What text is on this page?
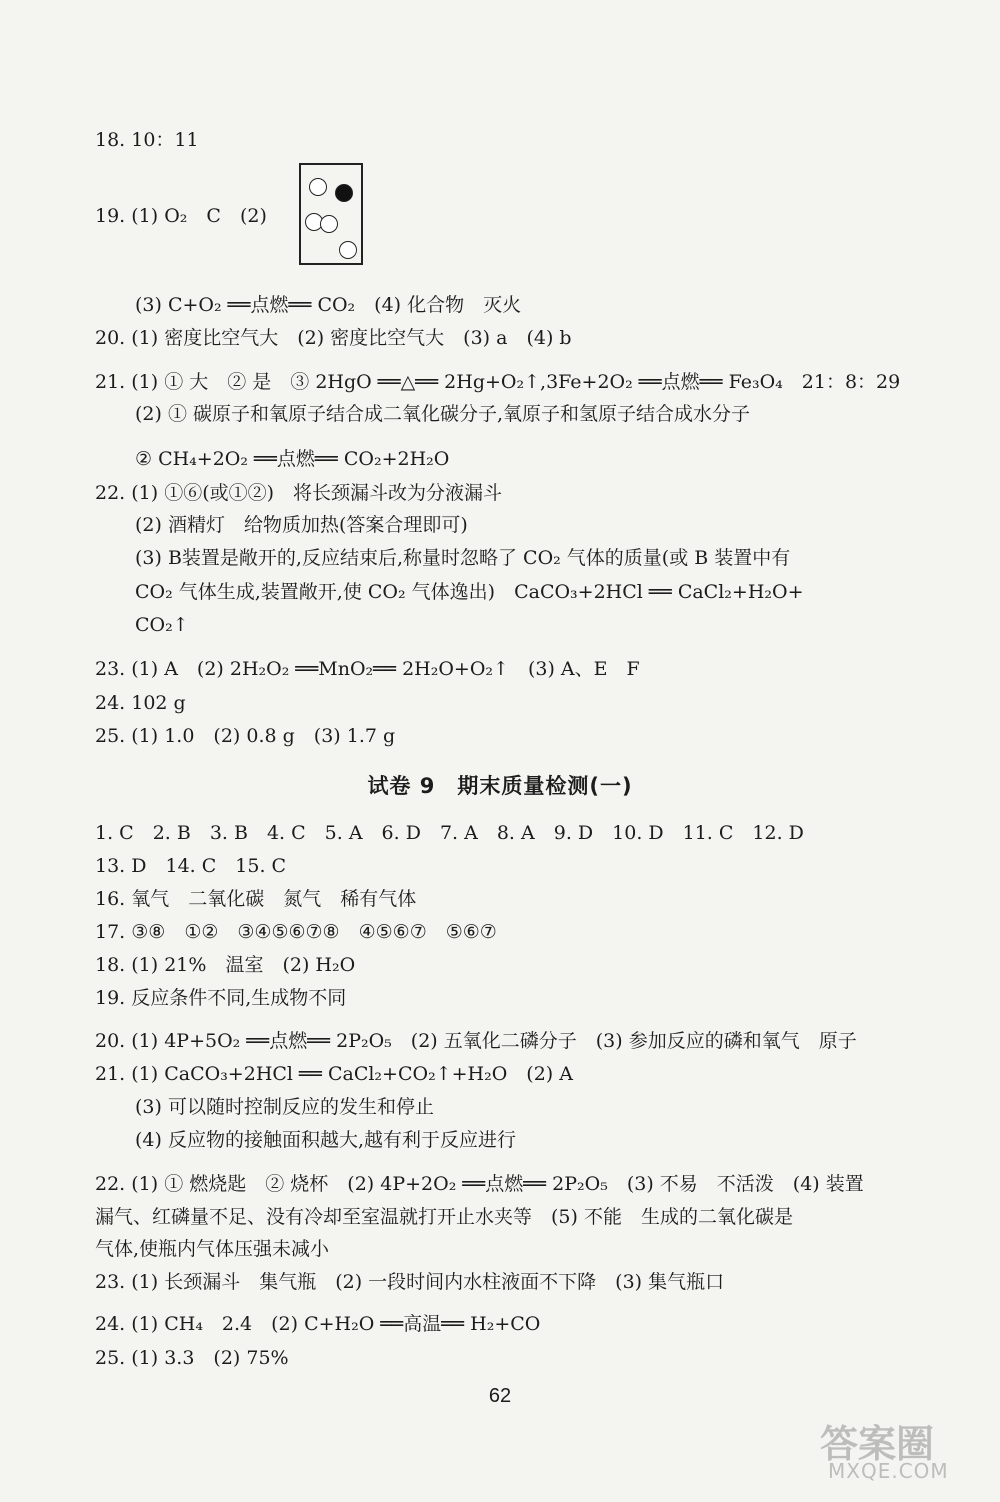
18. 10：11
19. (1) O₂　C　(2)
(3) C+O₂ ══点燃══ CO₂　(4) 化合物　灭火
20. (1) 密度比空气大　(2) 密度比空气大　(3) a　(4) b
21. (1) ① 大　② 是　③ 2HgO ══△══ 2Hg+O₂↑,3Fe+2O₂ ══点燃══ Fe₃O₄　21：8：29
(2) ① 碳原子和氧原子结合成二氧化碳分子,氧原子和氢原子结合成水分子
② CH₄+2O₂ ══点燃══ CO₂+2H₂O
22. (1) ①⑥(或①②)　将长颈漏斗改为分液漏斗
(2) 酒精灯　给物质加热(答案合理即可)
(3) B装置是敞开的,反应结束后,称量时忽略了 CO₂ 气体的质量(或 B 装置中有
CO₂ 气体生成,装置敞开,使 CO₂ 气体逸出)　CaCO₃+2HCl ══ CaCl₂+H₂O+
CO₂↑
23. (1) A　(2) 2H₂O₂ ══MnO₂══ 2H₂O+O₂↑　(3) A、E　F
24. 102 g
25. (1) 1.0　(2) 0.8 g　(3) 1.7 g
试卷 9　期末质量检测(一)
1. C　2. B　3. B　4. C　5. A　6. D　7. A　8. A　9. D　10. D　11. C　12. D
13. D　14. C　15. C
16. 氧气　二氧化碳　氮气　稀有气体
17. ③⑧　①②　③④⑤⑥⑦⑧　④⑤⑥⑦　⑤⑥⑦
18. (1) 21%　温室　(2) H₂O
19. 反应条件不同,生成物不同
20. (1) 4P+5O₂ ══点燃══ 2P₂O₅　(2) 五氧化二磷分子　(3) 参加反应的磷和氧气　原子
21. (1) CaCO₃+2HCl ══ CaCl₂+CO₂↑+H₂O　(2) A
(3) 可以随时控制反应的发生和停止
(4) 反应物的接触面积越大,越有利于反应进行
22. (1) ① 燃烧匙　② 烧杯　(2) 4P+2O₂ ══点燃══ 2P₂O₅　(3) 不易　不活泼　(4) 装置
漏气、红磷量不足、没有冷却至室温就打开止水夹等　(5) 不能　生成的二氧化碳是
气体,使瓶内气体压强未减小
23. (1) 长颈漏斗　集气瓶　(2) 一段时间内水柱液面不下降　(3) 集气瓶口
24. (1) CH₄　2.4　(2) C+H₂O ══高温══ H₂+CO
25. (1) 3.3　(2) 75%
62
答案圈
MXQE.COM
